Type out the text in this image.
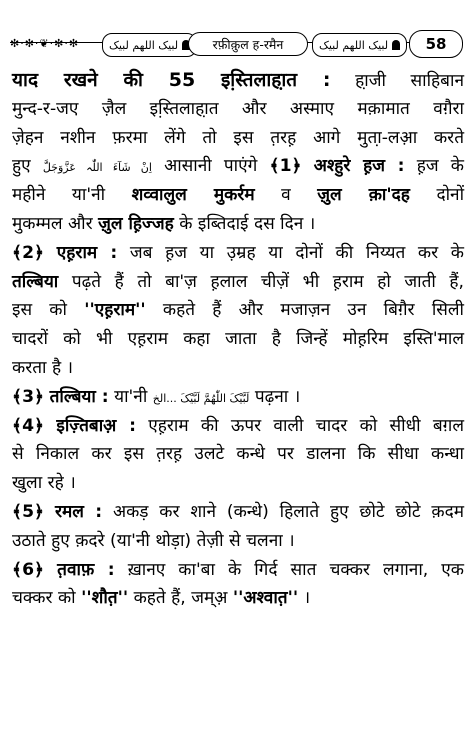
✻·✻·❦·✻·✻	لبیک اللھم لبیک	रफ़ीक़ुल ह-रमैन	لبیک اللھم لبیک 58
याद रखने की 55 इस्ति़लाहा़त : हा़जी साहिबान
मुन्द-र-जए ज़ैल इस्ति़लाहा़त और अस्माए मक़ामात वग़ैरा
ज़ेहन नशीन फ़रमा लेंगे तो इस त़रह़ आगे मुता़-लआ़ करते
हुए اِنْ شَآءَ اللّٰہ عَزَّوَجَلَّ आसानी पाएंगे ﴾1﴿ अश्हुरे ह़ज : ह़ज के
महीने या'नी शव्वालुल मुकर्रम व ज़ुल क़ा'दह दोनों
मुकम्मल और ज़ुल ह़िज्जह के इब्तिदाई दस दिन ।
﴾2﴿ एह़राम : जब ह़ज या उ़म्रह या दोनों की निय्यत कर के
तल्बिया पढ़ते हैं तो बा'ज़ ह़लाल चीज़ें भी ह़राम हो जाती हैं,
इस को ''एह़राम'' कहते हैं और मजाज़न उन बिग़ैर सिली
चादरों को भी एह़राम कहा जाता है जिन्हें मोह़रिम इस्ति'माल
करता है ।
﴾3﴿ तल्बिया : या'नी لَبَّیْکَ اللّٰھُمَّ لَبَّیْکَ ...الخ पढ़ना ।
﴾4﴿ इज़्तिबाअ़ : एह़राम की ऊपर वाली चादर को सीधी बग़ल
से निकाल कर इस त़रह़ उलटे कन्धे पर डालना कि सीधा कन्धा
खुला रहे ।
﴾5﴿ रमल : अकड़ कर शाने (कन्धे) हिलाते हुए छोटे छोटे क़दम
उठाते हुए क़दरे (या'नी थोड़ा) तेज़ी से चलना ।
﴾6﴿ त़वाफ़ : ख़ानए का'बा के गिर्द सात चक्कर लगाना, एक
चक्कर को ''शौत़'' कहते हैं, जम्अ़ ''अश्वात़'' ।
